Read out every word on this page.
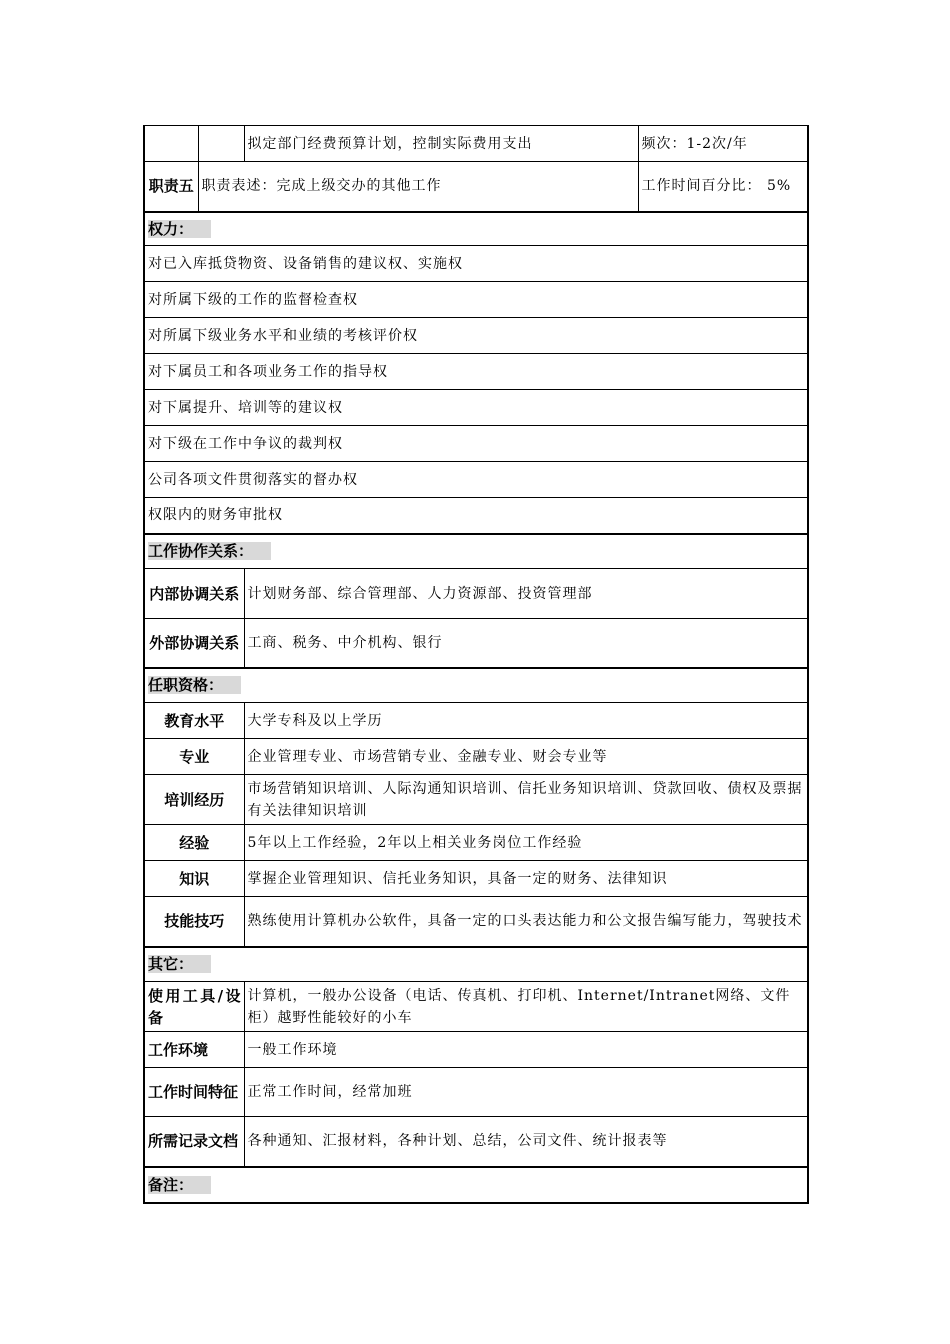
		拟定部门经费预算计划，控制实际费用支出	频次：1-2次/年
职责五	职责表述：完成上级交办的其他工作		工作时间百分比： 5%
权力：			
对已入库抵贷物资、设备销售的建议权、实施权			
对所属下级的工作的监督检查权			
对所属下级业务水平和业绩的考核评价权			
对下属员工和各项业务工作的指导权			
对下属提升、培训等的建议权			
对下级在工作中争议的裁判权			
公司各项文件贯彻落实的督办权			
权限内的财务审批权			
工作协作关系：			
内部协调关系		计划财务部、综合管理部、人力资源部、投资管理部	
外部协调关系		工商、税务、中介机构、银行	
任职资格：			
教育水平		大学专科及以上学历	
专业		企业管理专业、市场营销专业、金融专业、财会专业等	
培训经历		市场营销知识培训、人际沟通知识培训、信托业务知识培训、贷款回收、债权及票据有关法律知识培训	
经验		5年以上工作经验，2年以上相关业务岗位工作经验	
知识		掌握企业管理知识、信托业务知识，具备一定的财务、法律知识	
技能技巧		熟练使用计算机办公软件，具备一定的口头表达能力和公文报告编写能力，驾驶技术	
其它：			
使用工具/设备		计算机，一般办公设备（电话、传真机、打印机、Internet/Intranet网络、文件柜）越野性能较好的小车	
工作环境		一般工作环境	
工作时间特征		正常工作时间，经常加班	
所需记录文档		各种通知、汇报材料，各种计划、总结，公司文件、统计报表等	
备注：			
